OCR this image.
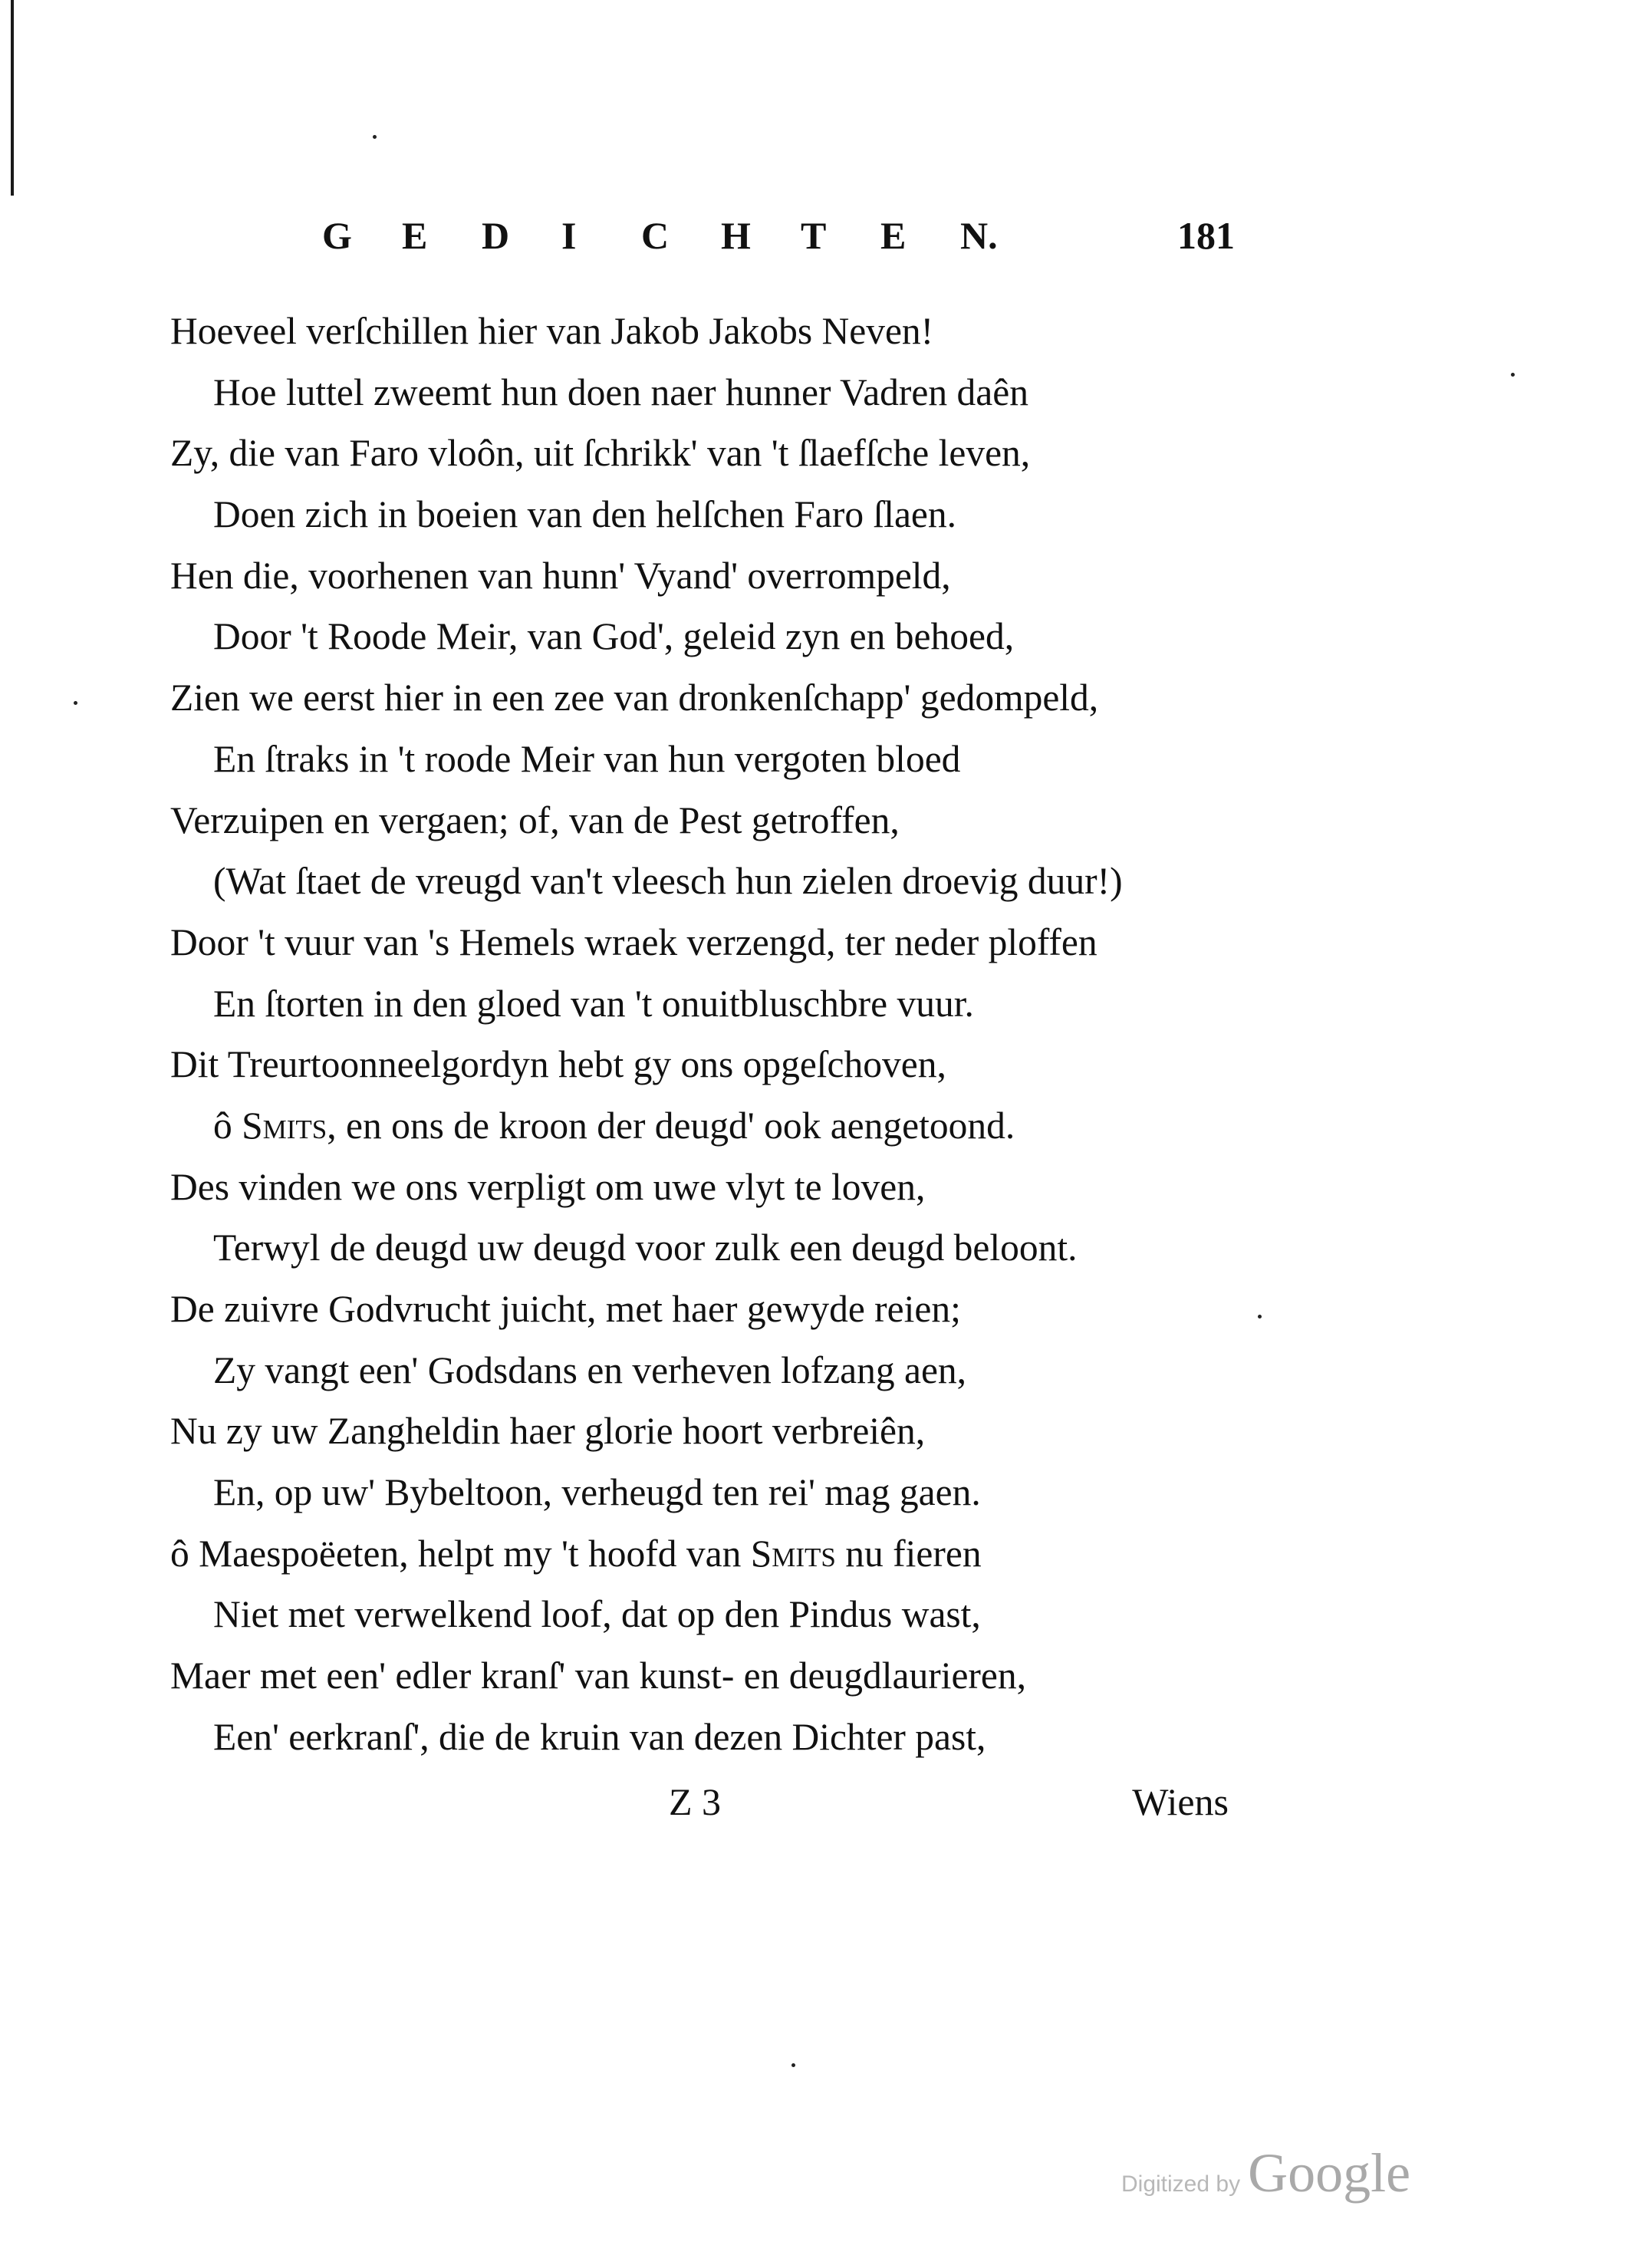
G	E	D	I	C	H	T	E	N.	181
Hoeveel verſchillen hier van Jakob Jakobs Neven!
Hoe luttel zweemt hun doen naer hunner Vadren daên
Zy, die van Faro vloôn, uit ſchrikk' van 't ſlaefſche leven,
Doen zich in boeien van den helſchen Faro ſlaen.
Hen die, voorhenen van hunn' Vyand' overrompeld,
Door 't Roode Meir, van God', geleid zyn en behoed,
Zien we eerst hier in een zee van dronkenſchapp' gedompeld,
En ſtraks in 't roode Meir van hun vergoten bloed
Verzuipen en vergaen; of, van de Pest getroffen,
(Wat ſtaet de vreugd van't vleesch hun zielen droevig duur!)
Door 't vuur van 's Hemels wraek verzengd, ter neder ploffen
En ſtorten in den gloed van 't onuitbluschbre vuur.
Dit Treurtoonneelgordyn hebt gy ons opgeſchoven,
ô Smits, en ons de kroon der deugd' ook aengetoond.
Des vinden we ons verpligt om uwe vlyt te loven,
Terwyl de deugd uw deugd voor zulk een deugd beloont.
De zuivre Godvrucht juicht, met haer gewyde reien;
Zy vangt een' Godsdans en verheven lofzang aen,
Nu zy uw Zangheldin haer glorie hoort verbreiên,
En, op uw' Bybeltoon, verheugd ten rei' mag gaen.
ô Maespoëeten, helpt my 't hoofd van Smits nu fieren
Niet met verwelkend loof, dat op den Pindus wast,
Maer met een' edler kranſ' van kunst- en deugdlaurieren,
Een' eerkranſ', die de kruin van dezen Dichter past,
Z 3	Wiens
Digitized by Google
